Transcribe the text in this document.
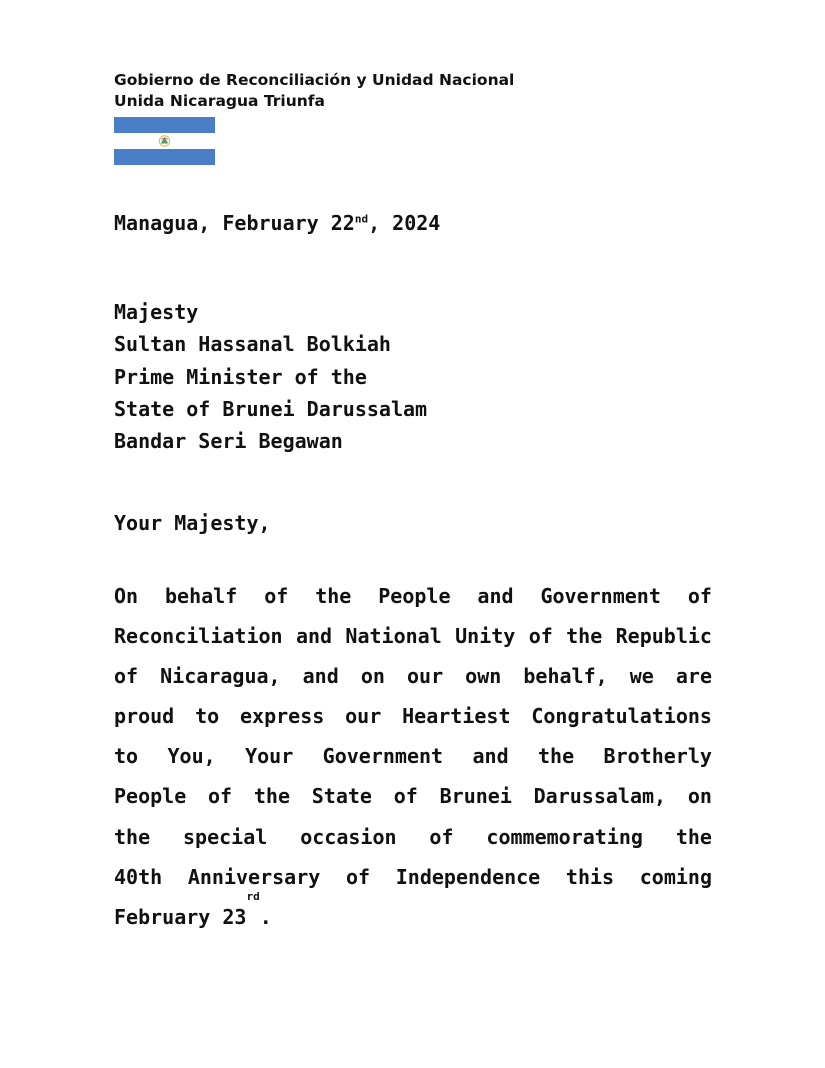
Gobierno de Reconciliación y Unidad Nacional
Unida Nicaragua Triunfa
Managua, February 22nd, 2024
Majesty
Sultan Hassanal Bolkiah
Prime Minister of the
State of Brunei Darussalam
Bandar Seri Begawan
Your Majesty,
On behalf of the People and Government of
Reconciliation and National Unity of the Republic
of Nicaragua, and on our own behalf, we are
proud to express our Heartiest Congratulations
to You, Your Government and the Brotherly
People of the State of Brunei Darussalam, on
the special occasion of commemorating the
40th Anniversary of Independence this coming
February 23
rd
.
